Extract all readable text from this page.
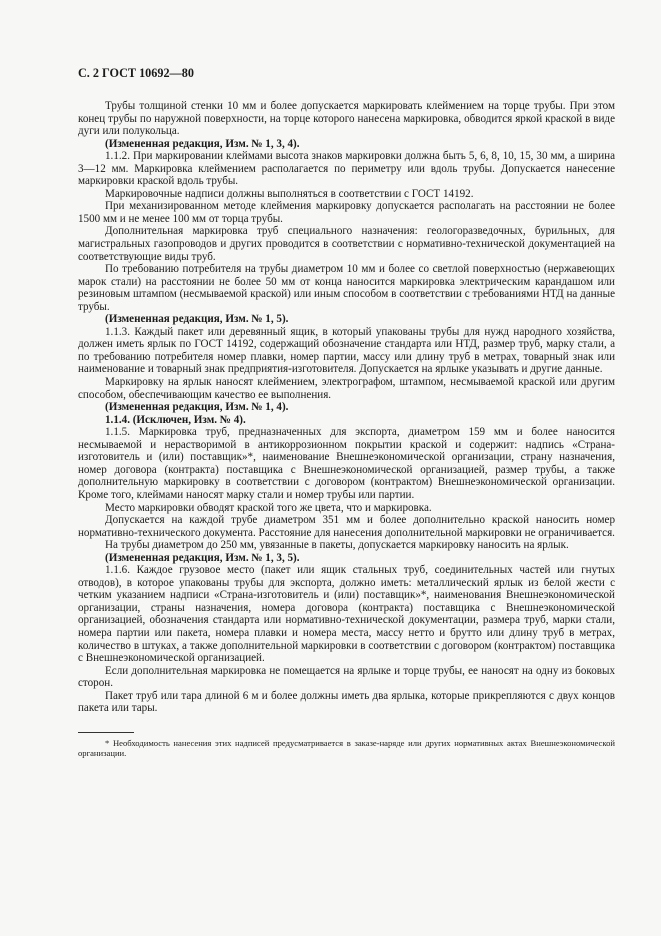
С. 2 ГОСТ 10692—80

Трубы толщиной стенки 10 мм и более допускается маркировать клеймением на торце трубы. При этом конец трубы по наружной поверхности, на торце которого нанесена маркировка, обводится яркой краской в виде дуги или полукольца.

(Измененная редакция, Изм. № 1, 3, 4).

1.1.2. При маркировании клеймами высота знаков маркировки должна быть 5, 6, 8, 10, 15, 30 мм, а ширина 3—12 мм. Маркировка клеймением располагается по периметру или вдоль трубы. Допускается нанесение маркировки краской вдоль трубы.

Маркировочные надписи должны выполняться в соответствии с ГОСТ 14192.

При механизированном методе клеймения маркировку допускается располагать на расстоянии не более 1500 мм и не менее 100 мм от торца трубы.

Дополнительная маркировка труб специального назначения: геологоразведочных, бурильных, для магистральных газопроводов и других проводится в соответствии с нормативно-технической документацией на соответствующие виды труб.

По требованию потребителя на трубы диаметром 10 мм и более со светлой поверхностью (нержавеющих марок стали) на расстоянии не более 50 мм от конца наносится маркировка электрическим карандашом или резиновым штампом (несмываемой краской) или иным способом в соответствии с требованиями НТД на данные трубы.

(Измененная редакция, Изм. № 1, 5).

1.1.3. Каждый пакет или деревянный ящик, в который упакованы трубы для нужд народного хозяйства, должен иметь ярлык по ГОСТ 14192, содержащий обозначение стандарта или НТД, размер труб, марку стали, а по требованию потребителя номер плавки, номер партии, массу или длину труб в метрах, товарный знак или наименование и товарный знак предприятия-изготовителя. Допускается на ярлыке указывать и другие данные.

Маркировку на ярлык наносят клеймением, электрографом, штампом, несмываемой краской или другим способом, обеспечивающим качество ее выполнения.

(Измененная редакция, Изм. № 1, 4).

1.1.4. (Исключен, Изм. № 4).

1.1.5. Маркировка труб, предназначенных для экспорта, диаметром 159 мм и более наносится несмываемой и нерастворимой в антикоррозионном покрытии краской и содержит: надпись «Страна-изготовитель и (или) поставщик»*, наименование Внешнеэкономической организации, страну назначения, номер договора (контракта) поставщика с Внешнеэкономической организацией, размер трубы, а также дополнительную маркировку в соответствии с договором (контрактом) Внешнеэкономической организации. Кроме того, клеймами наносят марку стали и номер трубы или партии.

Место маркировки обводят краской того же цвета, что и маркировка.

Допускается на каждой трубе диаметром 351 мм и более дополнительно краской наносить номер нормативно-технического документа. Расстояние для нанесения дополнительной маркировки не ограничивается.

На трубы диаметром до 250 мм, увязанные в пакеты, допускается маркировку наносить на ярлык.

(Измененная редакция, Изм. № 1, 3, 5).

1.1.6. Каждое грузовое место (пакет или ящик стальных труб, соединительных частей или гнутых отводов), в которое упакованы трубы для экспорта, должно иметь: металлический ярлык из белой жести с четким указанием надписи «Страна-изготовитель и (или) поставщик»*, наименования Внешнеэкономической организации, страны назначения, номера договора (контракта) поставщика с Внешнеэкономической организацией, обозначения стандарта или нормативно-технической документации, размера труб, марки стали, номера партии или пакета, номера плавки и номера места, массу нетто и брутто или длину труб в метрах, количество в штуках, а также дополнительной маркировки в соответствии с договором (контрактом) поставщика с Внешнеэкономической организацией.

Если дополнительная маркировка не помещается на ярлыке и торце трубы, ее наносят на одну из боковых сторон.

Пакет труб или тара длиной 6 м и более должны иметь два ярлыка, которые прикрепляются с двух концов пакета или тары.

* Необходимость нанесения этих надписей предусматривается в заказе-наряде или других нормативных актах Внешнеэкономической организации.
